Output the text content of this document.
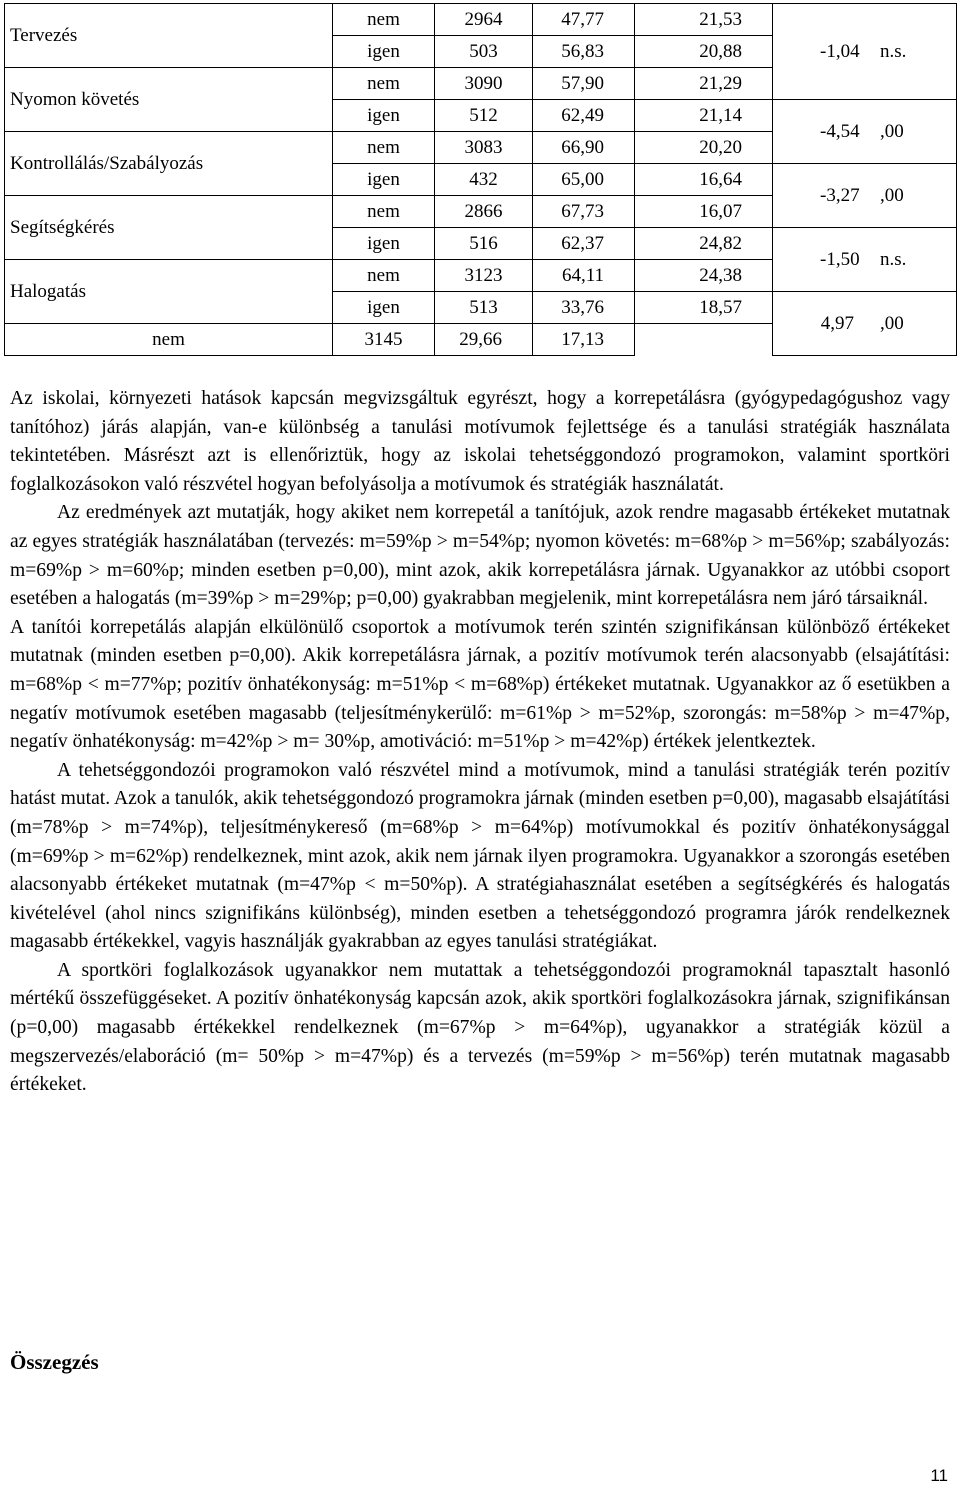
Tervezés	nem	2964	47,77	21,53	-1,04 n.s.

	igen	503	56,83	20,88	
Nyomon követés	nem	3090	57,90	21,29	
	igen	512	62,49	21,14	-4,54 ,00

Kontrollálás/Szabályozás	nem	3083	66,90	20,20	
	igen	432	65,00	16,64	-3,27 ,00

Segítségkérés	nem	2866	67,73	16,07	
	igen	516	62,37	24,82	-1,50 n.s.

Halogatás	nem	3123	64,11	24,38	
	igen	513	33,76	18,57	4,97 ,00

nem	3145	29,66	17,13		

Az iskolai, környezeti hatások kapcsán megvizsgáltuk egyrészt, hogy a korrepetálásra (gyógypedagógushoz vagy tanítóhoz) járás alapján, van-e különbség a tanulási motívumok fejlettsége és a tanulási stratégiák használata tekintetében. Másrészt azt is ellenőriztük, hogy az iskolai tehetséggondozó programokon, valamint sportköri foglalkozásokon való részvétel hogyan befolyásolja a motívumok és stratégiák használatát.

Az eredmények azt mutatják, hogy akiket nem korrepetál a tanítójuk, azok rendre magasabb értékeket mutatnak az egyes stratégiák használatában (tervezés: m=59%p > m=54%p; nyomon követés: m=68%p > m=56%p; szabályozás: m=69%p > m=60%p; minden esetben p=0,00), mint azok, akik korrepetálásra járnak. Ugyanakkor az utóbbi csoport esetében a halogatás (m=39%p > m=29%p; p=0,00) gyakrabban megjelenik, mint korrepetálásra nem járó társaiknál.

A tanítói korrepetálás alapján elkülönülő csoportok a motívumok terén szintén szignifikánsan különböző értékeket mutatnak (minden esetben p=0,00). Akik korrepetálásra járnak, a pozitív motívumok terén alacsonyabb (elsajátítási: m=68%p < m=77%p; pozitív önhatékonyság: m=51%p < m=68%p) értékeket mutatnak. Ugyanakkor az ő esetükben a negatív motívumok esetében magasabb (teljesítménykerülő: m=61%p > m=52%p, szorongás: m=58%p > m=47%p, negatív önhatékonyság: m=42%p > m= 30%p, amotiváció: m=51%p > m=42%p) értékek jelentkeztek.

A tehetséggondozói programokon való részvétel mind a motívumok, mind a tanulási stratégiák terén pozitív hatást mutat. Azok a tanulók, akik tehetséggondozó programokra járnak (minden esetben p=0,00), magasabb elsajátítási (m=78%p > m=74%p), teljesítménykereső (m=68%p > m=64%p) motívumokkal és pozitív önhatékonysággal (m=69%p > m=62%p) rendelkeznek, mint azok, akik nem járnak ilyen programokra. Ugyanakkor a szorongás esetében alacsonyabb értékeket mutatnak (m=47%p < m=50%p). A stratégiahasználat esetében a segítségkérés és halogatás kivételével (ahol nincs szignifikáns különbség), minden esetben a tehetséggondozó programra járók rendelkeznek magasabb értékekkel, vagyis használják gyakrabban az egyes tanulási stratégiákat.

A sportköri foglalkozások ugyanakkor nem mutattak a tehetséggondozói programoknál tapasztalt hasonló mértékű összefüggéseket. A pozitív önhatékonyság kapcsán azok, akik sportköri foglalkozásokra járnak, szignifikánsan (p=0,00) magasabb értékekkel rendelkeznek (m=67%p > m=64%p), ugyanakkor a stratégiák közül a megszervezés/elaboráció (m= 50%p > m=47%p) és a tervezés (m=59%p > m=56%p) terén mutatnak magasabb értékeket.

Összegzés
11
